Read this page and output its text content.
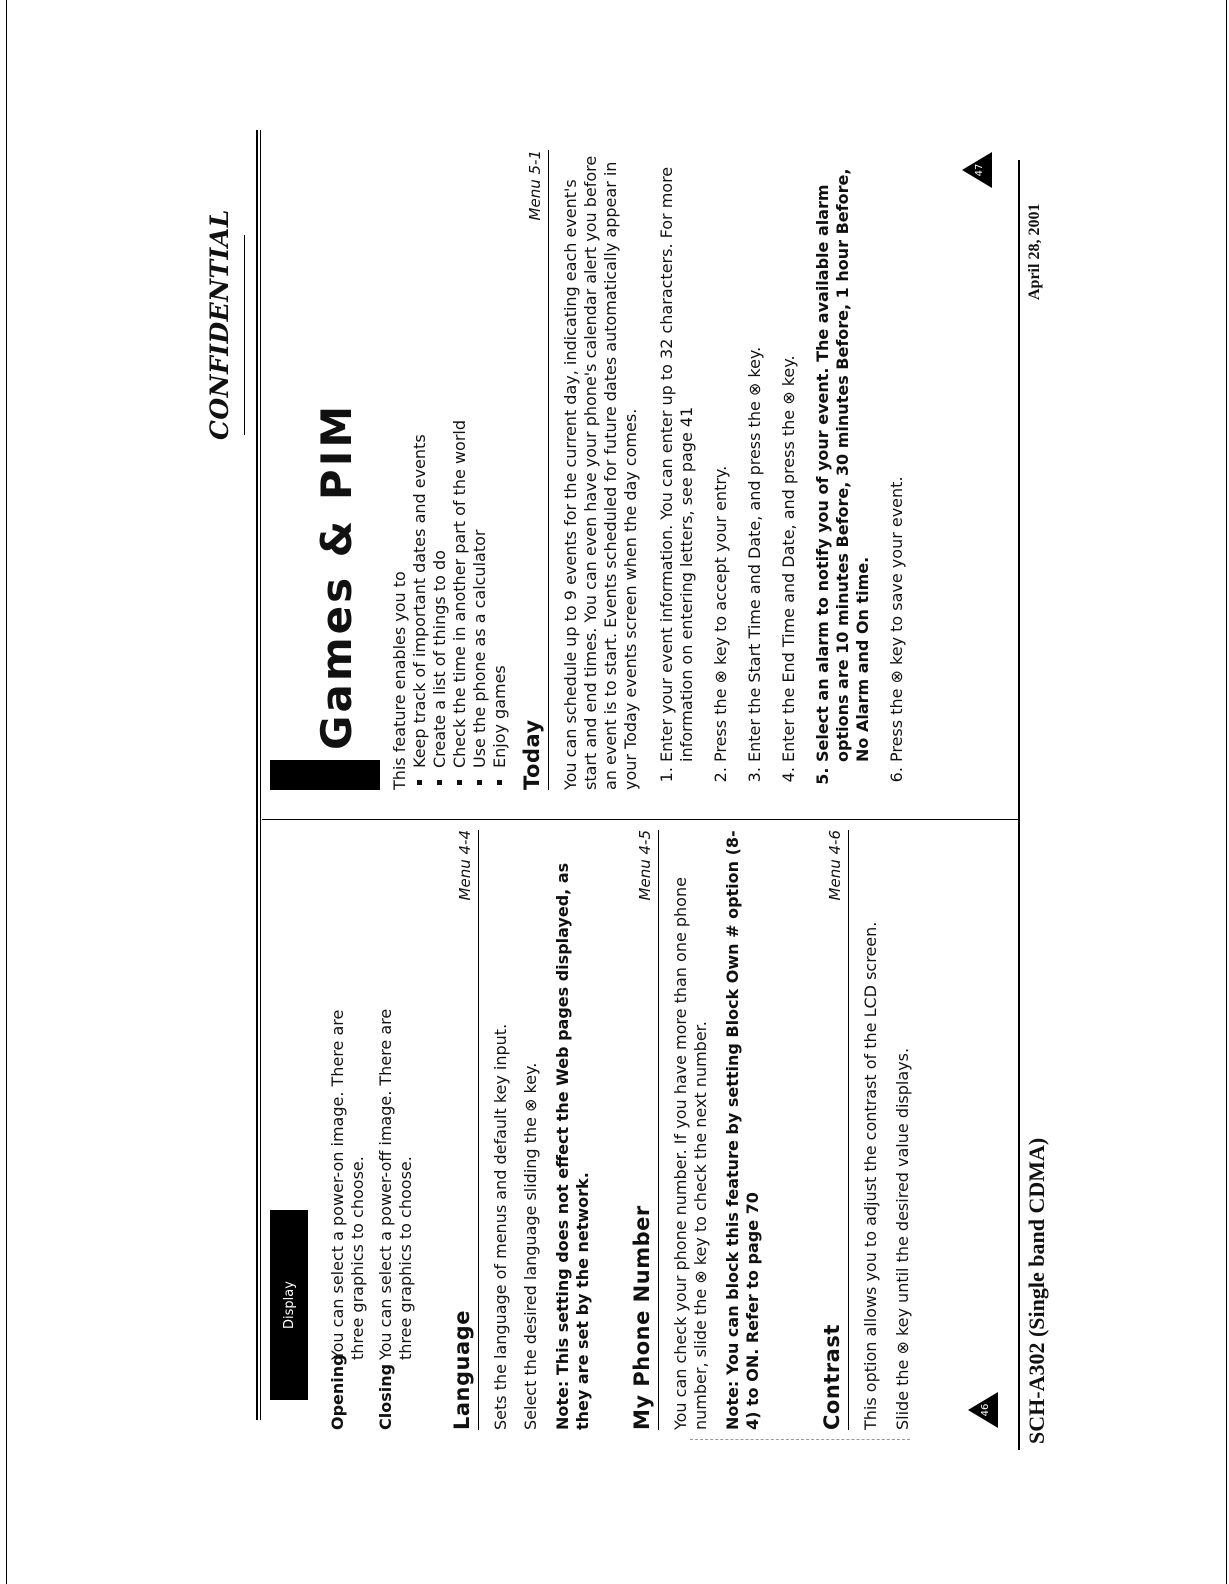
CONFIDENTIAL
Display
Opening
You can select a power-on image. There are three graphics to choose.
Closing
You can select a power-off image. There are three graphics to choose.
Language
Menu 4-4
Sets the language of menus and default key input. Select the desired language sliding the ⊗ key. Note: This setting does not effect the Web pages displayed, as they are set by the network. My Phone Number
Menu 4-5
You can check your phone number. If you have more than one phone number, slide the ⊗ key to check the next number. Note: You can block this feature by setting Block Own # option (8-4) to ON. Refer to page 70	Contrast
Menu 4-6
This option allows you to adjust the contrast of the LCD screen. Slide the ⊗ key until the desired value displays.	46
Games & PIM This feature enables you to ▪ Keep track of important dates and events ▪ Create a list of things to do ▪ Check the time in another part of the world ▪ Use the phone as a calculator ▪ Enjoy games Today
Menu 5-1 You can schedule up to 9 events for the current day, indicating each event's start and end times. You can even have your phone's calendar alert you before an event is to start. Events scheduled for future dates automatically appear in your Today events screen when the day comes. 1. Enter your event information. You can enter up to 32 characters. For more information on entering letters, see page 41 2. Press the ⊗ key to accept your entry. 3. Enter the Start Time and Date, and press the ⊗ key. 4. Enter the End Time and Date, and press the ⊗ key. 5. Select an alarm to notify you of your event. The available alarm options are 10 minutes Before, 30 minutes Before, 1 hour Before, No Alarm and On time. 6. Press the ⊗ key to save your event.
47
SCH-A302 (Single band CDMA)
April 28, 2001
